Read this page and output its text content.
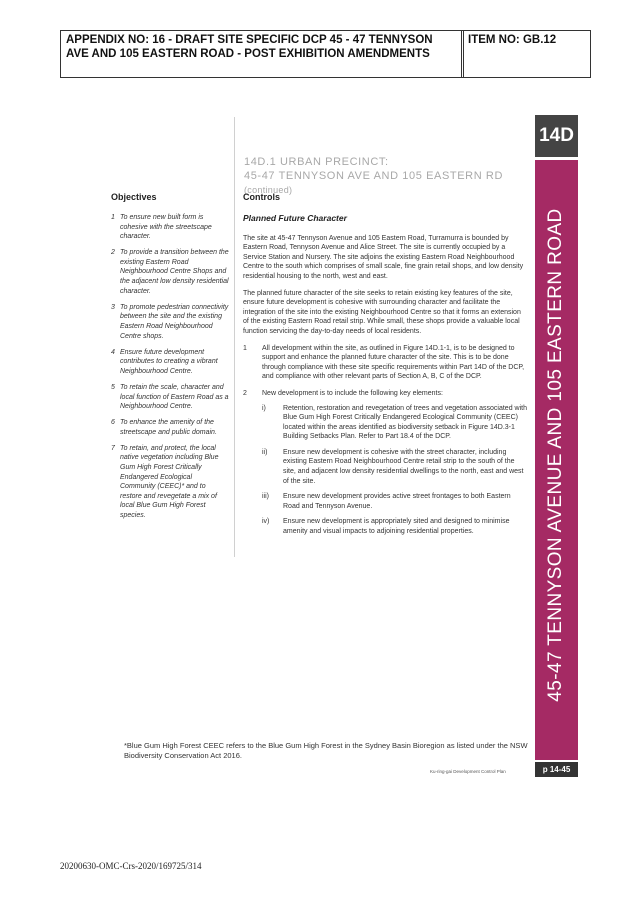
APPENDIX NO: 16 - DRAFT SITE SPECIFIC DCP 45 - 47 TENNYSON AVE AND 105 EASTERN ROAD - POST EXHIBITION AMENDMENTS
ITEM NO: GB.12
14D.1 URBAN PRECINCT:
45-47 TENNYSON AVE AND 105 EASTERN RD
(continued)
14D
45-47 TENNYSON AVENUE AND 105 EASTERN ROAD
p 14-45
Objectives	Controls
1 To ensure new built form is cohesive with the streetscape character.
2 To provide a transition between the existing Eastern Road Neighbourhood Centre Shops and the adjacent low density residential character.
3 To promote pedestrian connectivity between the site and the existing Eastern Road Neighbourhood Centre shops.
4 Ensure future development contributes to creating a vibrant Neighbourhood Centre.
5 To retain the scale, character and local function of Eastern Road as a Neighbourhood Centre.
6 To enhance the amenity of the streetscape and public domain.
7 To retain, and protect, the local native vegetation including Blue Gum High Forest Critically Endangered Ecological Community (CEEC)* and to restore and revegetate a mix of local Blue Gum High Forest species.
Planned Future Character

The site at 45-47 Tennyson Avenue and 105 Eastern Road, Turramurra is bounded by Eastern Road, Tennyson Avenue and Alice Street. The site is currently occupied by a Service Station and Nursery. The site adjoins the existing Eastern Road Neighbourhood Centre to the south which comprises of small scale, fine grain retail shops, and low density residential housing to the north, west and east.

The planned future character of the site seeks to retain existing key features of the site, ensure future development is cohesive with surrounding character and facilitate the integration of the site into the existing Neighbourhood Centre so that it forms an extension of the existing Eastern Road retail strip. While small, these shops provide a valuable local function servicing the day-to-day needs of local residents.

1 All development within the site, as outlined in Figure 14D.1-1, is to be designed to support and enhance the planned future character of the site. This is to be done through compliance with these site specific requirements within Part 14D of the DCP, and compliance with other relevant parts of Section A, B, C of the DCP.
2 New development is to include the following key elements:
i) Retention, restoration and revegetation of trees and vegetation associated with Blue Gum High Forest Critically Endangered Ecological Community (CEEC) located within the areas identified as biodiversity setback in Figure 14D.3-1 Building Setbacks Plan. Refer to Part 18.4 of the DCP.
ii) Ensure new development is cohesive with the street character, including existing Eastern Road Neighbourhood Centre retail strip to the south of the site, and adjacent low density residential dwellings to the north, east and west of the site.
iii) Ensure new development provides active street frontages to both Eastern Road and Tennyson Avenue.
iv) Ensure new development is appropriately sited and designed to minimise amenity and visual impacts to adjoining residential properties.
*Blue Gum High Forest CEEC refers to the Blue Gum High Forest in the Sydney Basin Bioregion as listed under the NSW Biodiversity Conservation Act 2016.
Ku-ring-gai Development Control Plan
20200630-OMC-Crs-2020/169725/314
